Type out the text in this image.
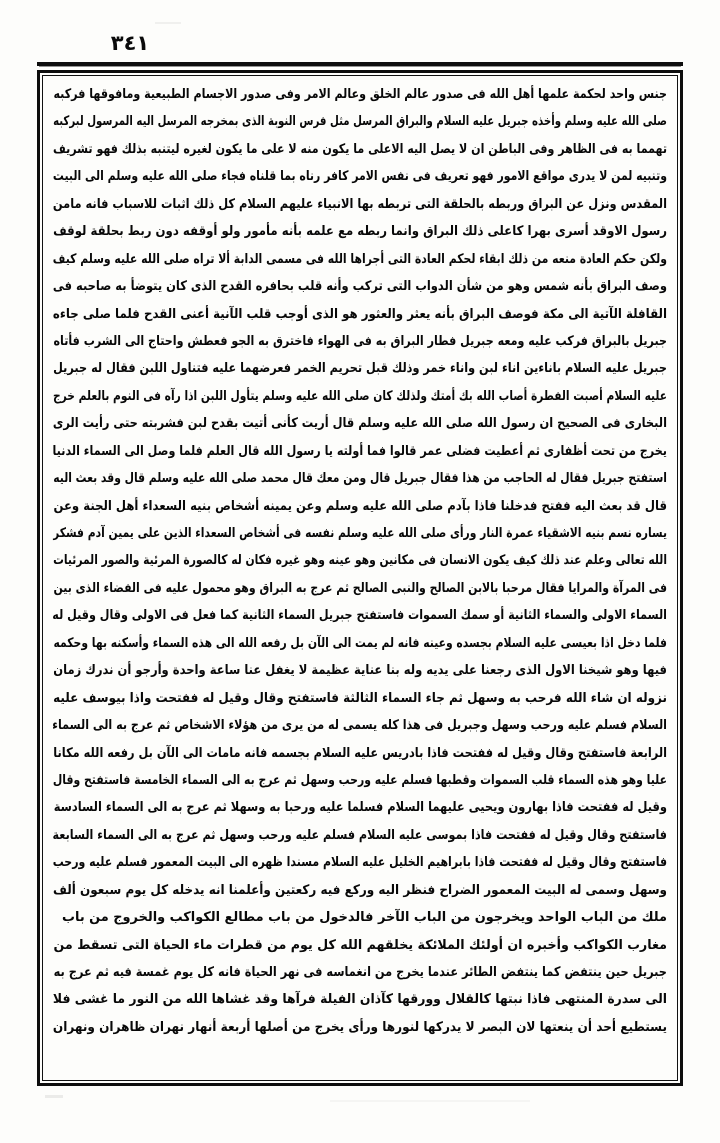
٣٤١
جنس واحد لحكمة علمها أهل الله فى صدور عالم الخلق وعالم الامر وفى صدور الاجسام الطبيعية ومافوقها فركبه
صلى الله عليه وسلم وأخذه جبريل عليه السلام والبراق المرسل مثل فرس النوبة الذى بمخرجه المرسل اليه المرسول لبركبه
تهمما به فى الظاهر وفى الباطن ان لا يصل اليه الاعلى ما يكون منه لا على ما يكون لغيره ليتنبه بذلك فهو تشريف
وتنبيه لمن لا يدرى مواقع الامور فهو تعريف فى نفس الامر كافر رناه بما قلناه فجاء صلى الله عليه وسلم الى البيت
المقدس ونزل عن البراق وربطه بالحلقة التى تربطه بها الانبياء عليهم السلام كل ذلك اثبات للاسباب فانه مامن
رسول الاوقد أسرى بهرا كاعلى ذلك البراق وانما ربطه مع علمه بأنه مأمور ولو أوقفه دون ربط بحلقة لوقف
ولكن حكم العادة منعه من ذلك ابقاء لحكم العادة التى أجراها الله فى مسمى الدابة ألا تراه صلى الله عليه وسلم كيف
وصف البراق بأنه شمس وهو من شأن الدواب التى تركب وأنه قلب بحافره القدح الذى كان يتوضأ به صاحبه فى
القافلة الآتية الى مكة فوصف البراق بأنه يعثر والعثور هو الذى أوجب قلب الآنية أعنى القدح فلما صلى جاءه
جبريل بالبراق فركب عليه ومعه جبريل فطار البراق به فى الهواء فاخترق به الجو فعطش واحتاج الى الشرب فأتاه
جبريل عليه السلام باناءين اناء لبن واناء خمر وذلك قبل تحريم الخمر فعرضهما عليه فتناول اللبن فقال له جبريل
عليه السلام أصبت الفطرة أصاب الله بك أمتك ولذلك كان صلى الله عليه وسلم يتأول اللبن اذا رآه فى النوم بالعلم خرج
البخارى فى الصحيح ان رسول الله صلى الله عليه وسلم قال أريت كأنى أتيت بقدح لبن فشربته حتى رأيت الرى
يخرج من تحت أظفارى ثم أعطيت فضلى عمر قالوا فما أولته يا رسول الله قال العلم فلما وصل الى السماء الدنيا
استفتح جبريل فقال له الحاجب من هذا فقال جبريل قال ومن معك قال محمد صلى الله عليه وسلم قال وقد بعث اليه
قال قد بعث اليه ففتح فدخلنا فاذا بآدم صلى الله عليه وسلم وعن يمينه أشخاص بنيه السعداء أهل الجنة وعن
يساره نسم بنيه الاشقياء عمرة النار ورأى صلى الله عليه وسلم نفسه فى أشخاص السعداء الذين على يمين آدم فشكر
الله تعالى وعلم عند ذلك كيف يكون الانسان فى مكانين وهو عينه وهو غيره فكان له كالصورة المرئية والصور المرئيات
فى المرآة والمرايا فقال مرحبا بالابن الصالح والنبى الصالح ثم عرج به البراق وهو محمول عليه فى الفضاء الذى بين
السماء الاولى والسماء الثانية أو سمك السموات فاستفتح جبريل السماء الثانية كما فعل فى الاولى وقال وقيل له
فلما دخل اذا بعيسى عليه السلام بجسده وعينه فانه لم يمت الى الآن بل رفعه الله الى هذه السماء وأسكنه بها وحكمه
فيها وهو شيخنا الاول الذى رجعنا على يديه وله بنا عناية عظيمة لا يغفل عنا ساعة واحدة وأرجو أن ندرك زمان
نزوله ان شاء الله فرحب به وسهل ثم جاء السماء الثالثة فاستفتح وقال وقيل له ففتحت واذا بيوسف عليه
السلام فسلم عليه ورحب وسهل وجبريل فى هذا كله يسمى له من يرى من هؤلاء الاشخاص ثم عرج به الى السماء
الرابعة فاستفتح وقال وقيل له ففتحت فاذا بادريس عليه السلام بجسمه فانه مامات الى الآن بل رفعه الله مكانا
عليا وهو هذه السماء قلب السموات وقطبها فسلم عليه ورحب وسهل ثم عرج به الى السماء الخامسة فاستفتح وقال
وقيل له ففتحت فاذا بهارون ويحيى عليهما السلام فسلما عليه ورحبا به وسهلا ثم عرج به الى السماء السادسة
فاستفتح وقال وقيل له ففتحت فاذا بموسى عليه السلام فسلم عليه ورحب وسهل ثم عرج به الى السماء السابعة
فاستفتح وقال وقيل له ففتحت فاذا بابراهيم الخليل عليه السلام مسندا ظهره الى البيت المعمور فسلم عليه ورحب
وسهل وسمى له البيت المعمور الضراح فنظر اليه وركع فيه ركعتين وأعلمنا انه يدخله كل يوم سبعون ألف
ملك من الباب الواحد ويخرجون من الباب الآخر فالدخول من باب مطالع الكواكب والخروج من باب
مغارب الكواكب وأخبره ان أولئك الملائكة يخلقهم الله كل يوم من قطرات ماء الحياة التى تسقط من
جبريل حين ينتفض كما ينتفض الطائر عندما يخرج من انغماسه فى نهر الحياة فانه كل يوم غمسة فيه ثم عرج به
الى سدرة المنتهى فاذا نبتها كالقلال وورقها كآذان الفيلة فرآها وقد غشاها الله من النور ما غشى فلا
يستطيع أحد أن ينعتها لان البصر لا يدركها لنورها ورأى يخرج من أصلها أربعة أنهار نهران ظاهران ونهران
